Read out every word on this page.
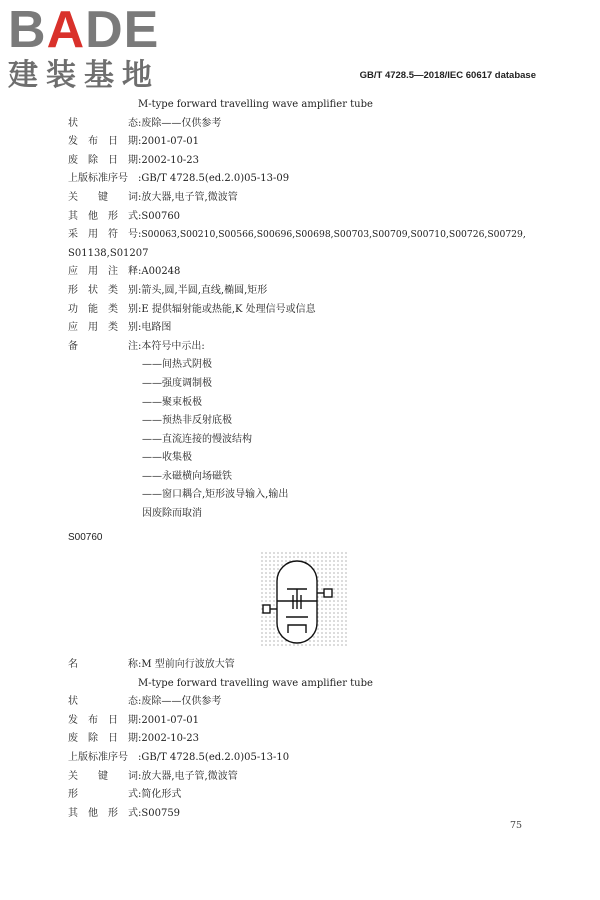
BADE
建装基地	GB/T 4728.5—2018/IEC 60617 database
M-type forward travelling wave amplifier tube
状	态 : 废除——仅供参考
发 布 日 期 : 2001-07-01
废 除 日 期 : 2002-10-23
上版标准序号	: GB/T 4728.5(ed.2.0)05-13-09
关 键 词 : 放大器,电子管,微波管
其 他 形 式 : S00760
采 用 符 号 : S00063,S00210,S00566,S00696,S00698,S00703,S00709,S00710,S00726,S00729,
S01138,S01207
应 用 注 释 : A00248
形 状 类 别 : 箭头,圆,半圆,直线,椭圆,矩形
功 能 类 别 : E 提供辐射能或热能,K 处理信号或信息
应 用 类 别 : 电路图
备	注 : 本符号中示出:
——间热式阴极
——强度调制极
——聚束板极
——预热非反射底极
——直流连接的慢波结构
——收集极
——永磁横向场磁铁
——窗口耦合,矩形波导输入,输出
因废除而取消
S00760
名	称 : M 型前向行波放大管
M-type forward travelling wave amplifier tube
状	态 : 废除——仅供参考
发 布 日 期 : 2001-07-01
废 除 日 期 : 2002-10-23
上版标准序号	: GB/T 4728.5(ed.2.0)05-13-10
关 键 词 : 放大器,电子管,微波管
形	式 : 简化形式
其 他 形 式 : S00759
75
